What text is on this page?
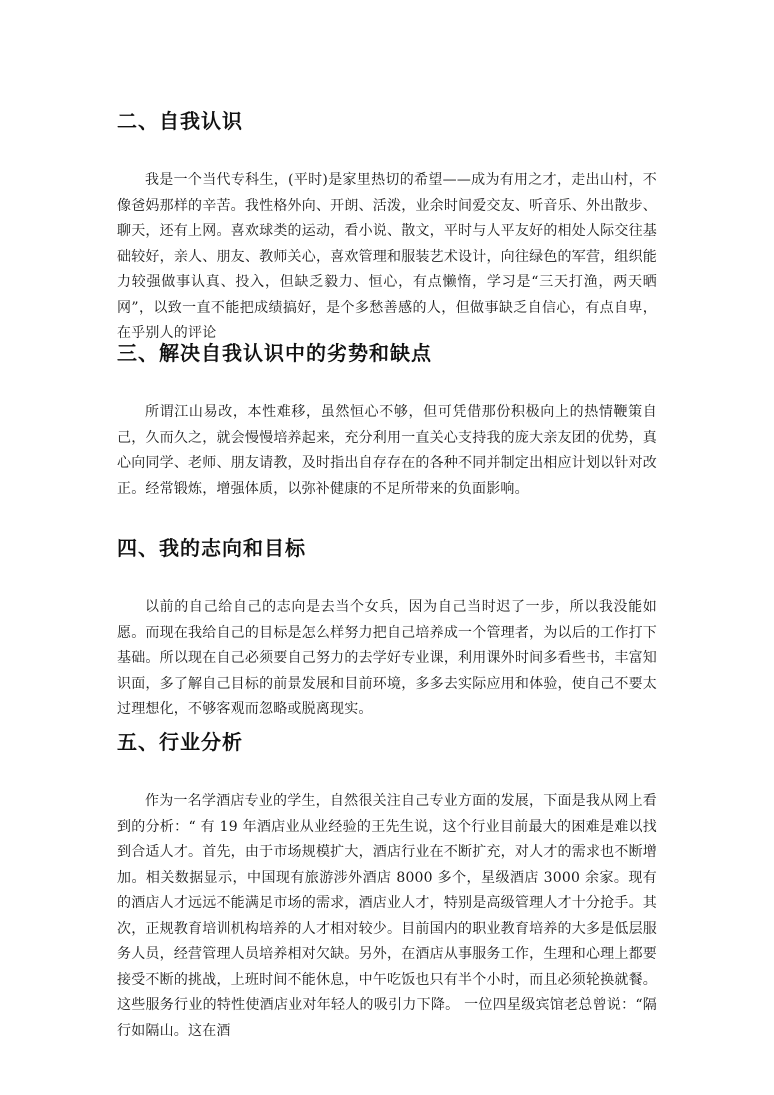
二、自我认识

我是一个当代专科生，(平时)是家里热切的希望——成为有用之才，走出山村，不像爸妈那样的辛苦。我性格外向、开朗、活泼，业余时间爱交友、听音乐、外出散步、聊天，还有上网。喜欢球类的运动，看小说、散文，平时与人平友好的相处人际交往基础较好，亲人、朋友、教师关心，喜欢管理和服装艺术设计，向往绿色的军营，组织能力较强做事认真、投入，但缺乏毅力、恒心，有点懒惰，学习是“三天打渔，两天晒网”，以致一直不能把成绩搞好，是个多愁善感的人，但做事缺乏自信心，有点自卑，在乎别人的评论

三、解决自我认识中的劣势和缺点

所谓江山易改，本性难移，虽然恒心不够，但可凭借那份积极向上的热情鞭策自己，久而久之，就会慢慢培养起来，充分利用一直关心支持我的庞大亲友团的优势，真心向同学、老师、朋友请教，及时指出自存存在的各种不同并制定出相应计划以针对改正。经常锻炼，增强体质，以弥补健康的不足所带来的负面影响。

四、我的志向和目标

以前的自己给自己的志向是去当个女兵，因为自己当时迟了一步，所以我没能如愿。而现在我给自己的目标是怎么样努力把自己培养成一个管理者，为以后的工作打下基础。所以现在自己必须要自己努力的去学好专业课，利用课外时间多看些书，丰富知识面，多了解自己目标的前景发展和目前环境，多多去实际应用和体验，使自己不要太过理想化，不够客观而忽略或脱离现实。

五、行业分析

作为一名学酒店专业的学生，自然很关注自己专业方面的发展，下面是我从网上看到的分析：“ 有 19 年酒店业从业经验的王先生说，这个行业目前最大的困难是难以找到合适人才。首先，由于市场规模扩大，酒店行业在不断扩充，对人才的需求也不断增加。相关数据显示，中国现有旅游涉外酒店 8000 多个，星级酒店 3000 余家。现有的酒店人才远远不能满足市场的需求，酒店业人才，特别是高级管理人才十分抢手。其次，正规教育培训机构培养的人才相对较少。目前国内的职业教育培养的大多是低层服务人员，经营管理人员培养相对欠缺。另外，在酒店从事服务工作，生理和心理上都要接受不断的挑战，上班时间不能休息，中午吃饭也只有半个小时，而且必须轮换就餐。这些服务行业的特性使酒店业对年轻人的吸引力下降。 一位四星级宾馆老总曾说：“隔行如隔山。这在酒
